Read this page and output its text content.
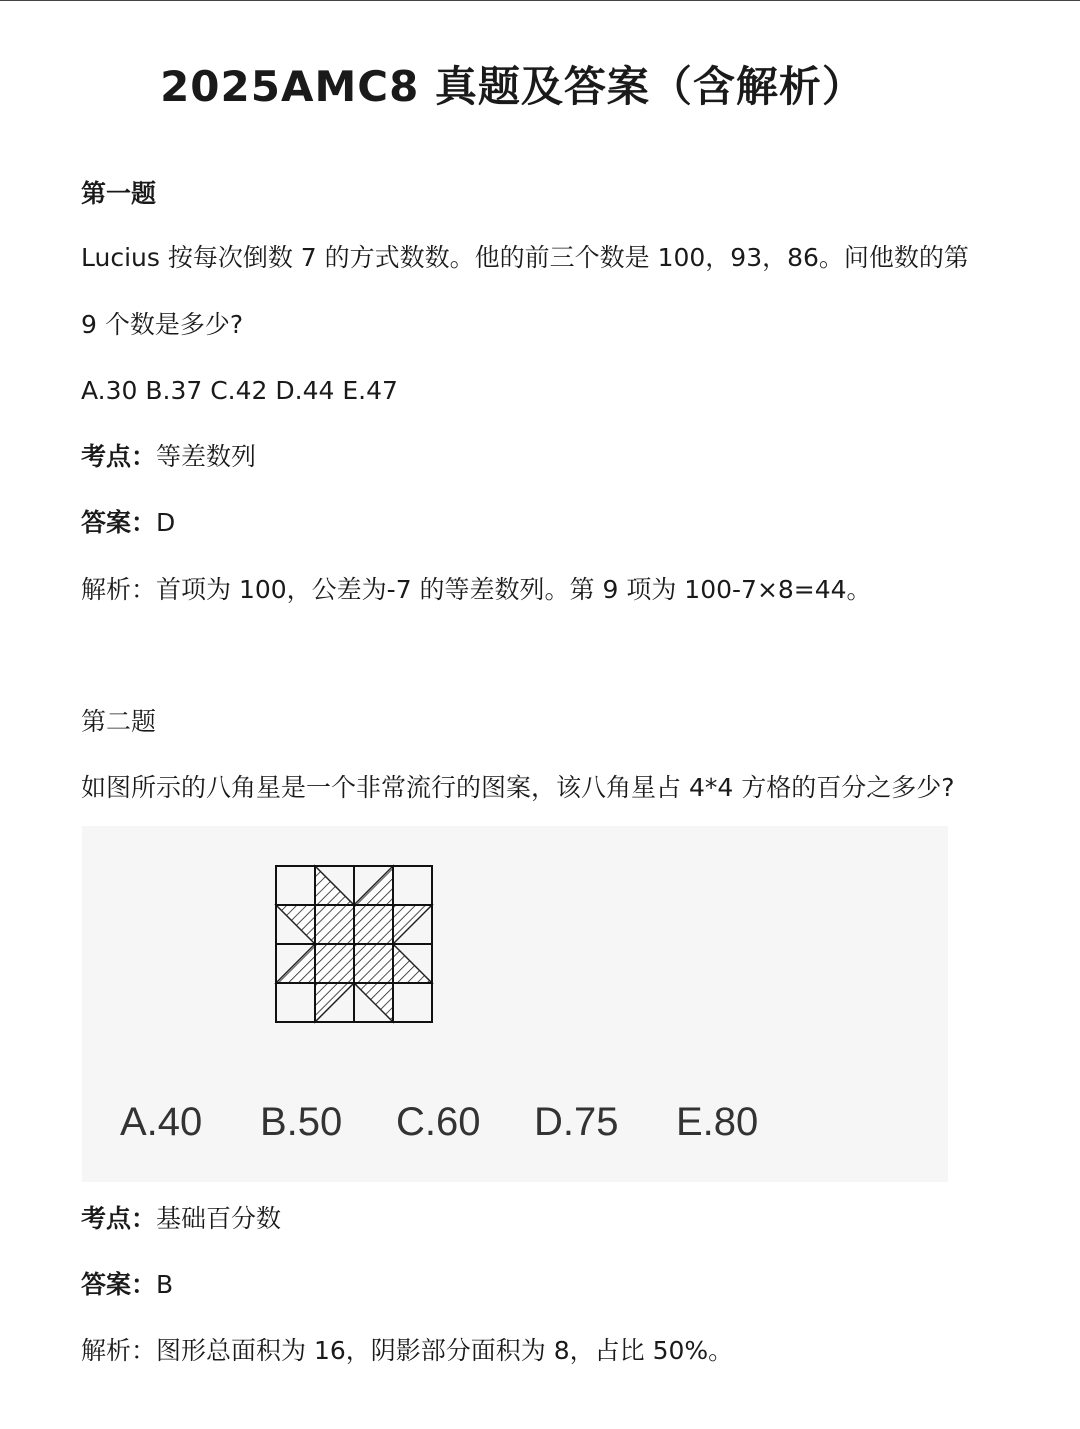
2025AMC8 真题及答案（含解析）
第一题
Lucius 按每次倒数 7 的方式数数。他的前三个数是 100，93，86。问他数的第
9 个数是多少?
A.30 B.37 C.42 D.44 E.47
考点：等差数列
答案：D
解析：首项为 100，公差为-7 的等差数列。第 9 项为 100-7×8=44。
第二题
如图所示的八角星是一个非常流行的图案，该八角星占 4*4 方格的百分之多少?
A.40 B.50 C.60 D.75 E.80
考点：基础百分数
答案：B
解析：图形总面积为 16，阴影部分面积为 8，占比 50%。
